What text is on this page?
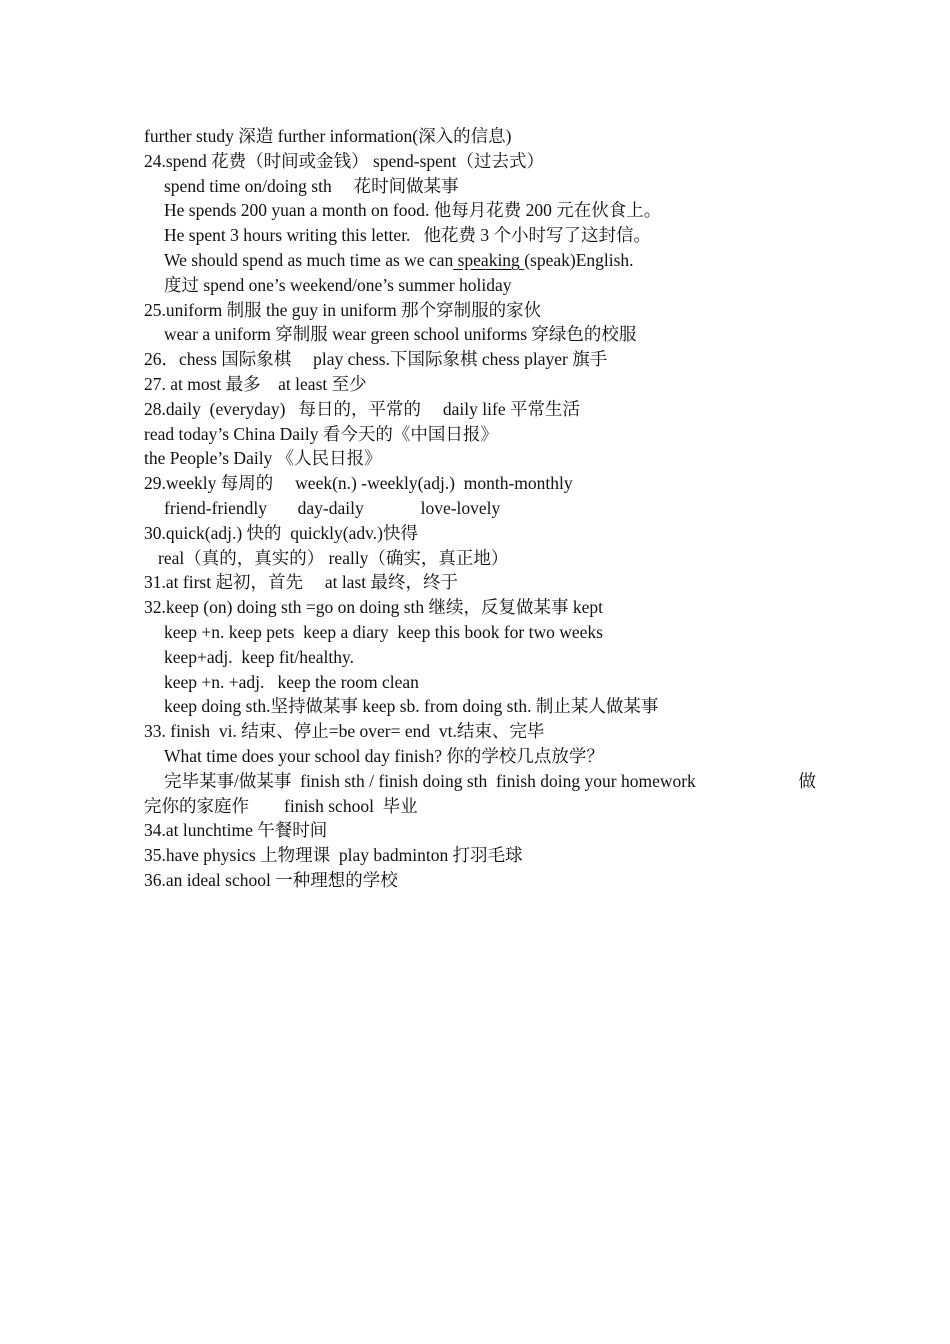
further study 深造 further information(深入的信息)
24.spend 花费（时间或金钱） spend-spent（过去式）
spend time on/doing sth     花时间做某事
He spends 200 yuan a month on food. 他每月花费 200 元在伙食上。
He spent 3 hours writing this letter.   他花费 3 个小时写了这封信。
We should spend as much time as we can speaking (speak)English.
度过 spend one’s weekend/one’s summer holiday
25.uniform 制服 the guy in uniform 那个穿制服的家伙
wear a uniform 穿制服 wear green school uniforms 穿绿色的校服
26．chess 国际象棋     play chess.下国际象棋 chess player 旗手
27. at most 最多    at least 至少
28.daily  (everyday)   每日的，平常的     daily life 平常生活
read today’s China Daily 看今天的《中国日报》
the People’s Daily 《人民日报》
29.weekly 每周的     week(n.) -weekly(adj.)  month-monthly
friend-friendly       day-daily             love-lovely
30.quick(adj.) 快的  quickly(adv.)快得
real（真的，真实的） really（确实，真正地）
31.at first 起初，首先     at last 最终，终于
32.keep (on) doing sth =go on doing sth 继续，反复做某事 kept
keep +n. keep pets  keep a diary  keep this book for two weeks
keep+adj.  keep fit/healthy.
keep +n. +adj.   keep the room clean
keep doing sth.坚持做某事 keep sb. from doing sth. 制止某人做某事
33. finish  vi. 结束、停止=be over= end  vt.结束、完毕
What time does your school day finish? 你的学校几点放学？
完毕某事/做某事  finish sth / finish doing sth  finish doing your homework	做
完你的家庭作        finish school  毕业
34.at lunchtime 午餐时间
35.have physics 上物理课  play badminton 打羽毛球
36.an ideal school 一种理想的学校
